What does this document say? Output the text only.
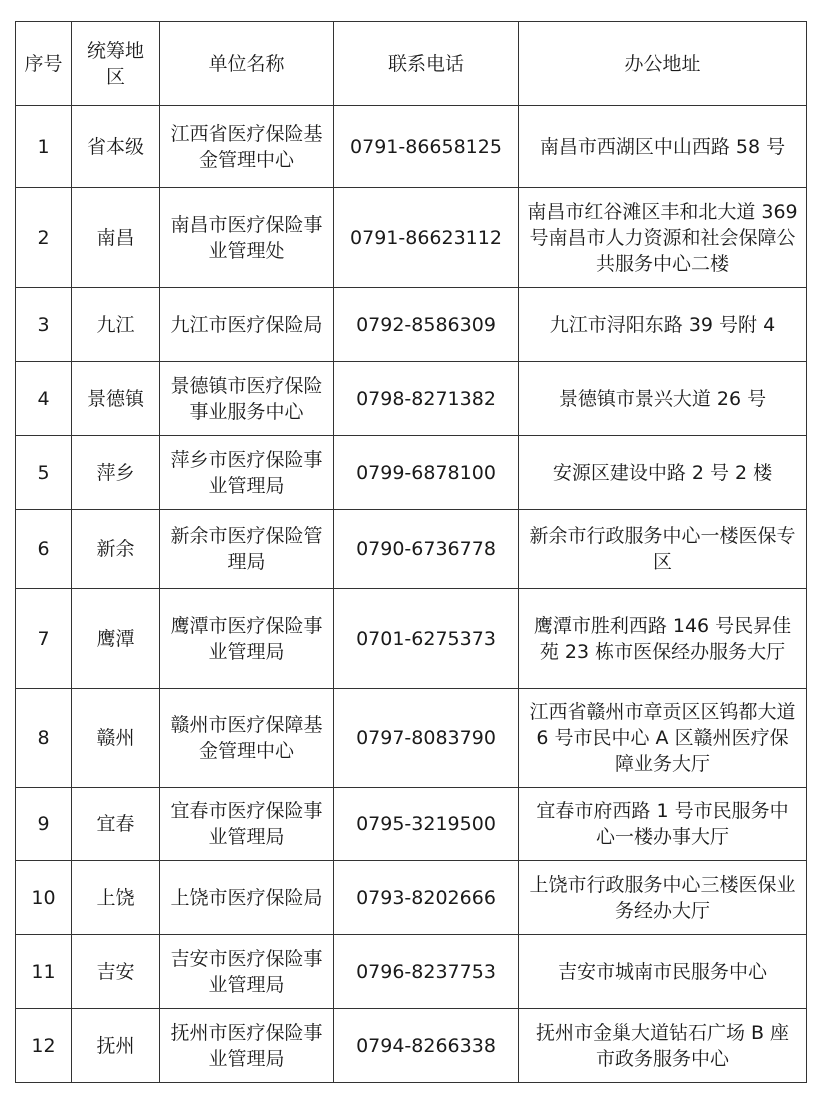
序号	统筹地区	单位名称	联系电话	办公地址
1	省本级	江西省医疗保险基金管理中心	0791-86658125	南昌市西湖区中山西路 58 号
2	南昌	南昌市医疗保险事业管理处	0791-86623112	南昌市红谷滩区丰和北大道 369 号南昌市人力资源和社会保障公共服务中心二楼
3	九江	九江市医疗保险局	0792-8586309	九江市浔阳东路 39 号附 4
4	景德镇	景德镇市医疗保险事业服务中心	0798-8271382	景德镇市景兴大道 26 号
5	萍乡	萍乡市医疗保险事业管理局	0799-6878100	安源区建设中路 2 号 2 楼
6	新余	新余市医疗保险管理局	0790-6736778	新余市行政服务中心一楼医保专区
7	鹰潭	鹰潭市医疗保险事业管理局	0701-6275373	鹰潭市胜利西路 146 号民昇佳苑 23 栋市医保经办服务大厅
8	赣州	赣州市医疗保障基金管理中心	0797-8083790	江西省赣州市章贡区区钨都大道 6 号市民中心 A 区赣州医疗保障业务大厅
9	宜春	宜春市医疗保险事业管理局	0795-3219500	宜春市府西路 1 号市民服务中心一楼办事大厅
10	上饶	上饶市医疗保险局	0793-8202666	上饶市行政服务中心三楼医保业务经办大厅
11	吉安	吉安市医疗保险事业管理局	0796-8237753	吉安市城南市民服务中心
12	抚州	抚州市医疗保险事业管理局	0794-8266338	抚州市金巢大道钻石广场 B 座市政务服务中心
